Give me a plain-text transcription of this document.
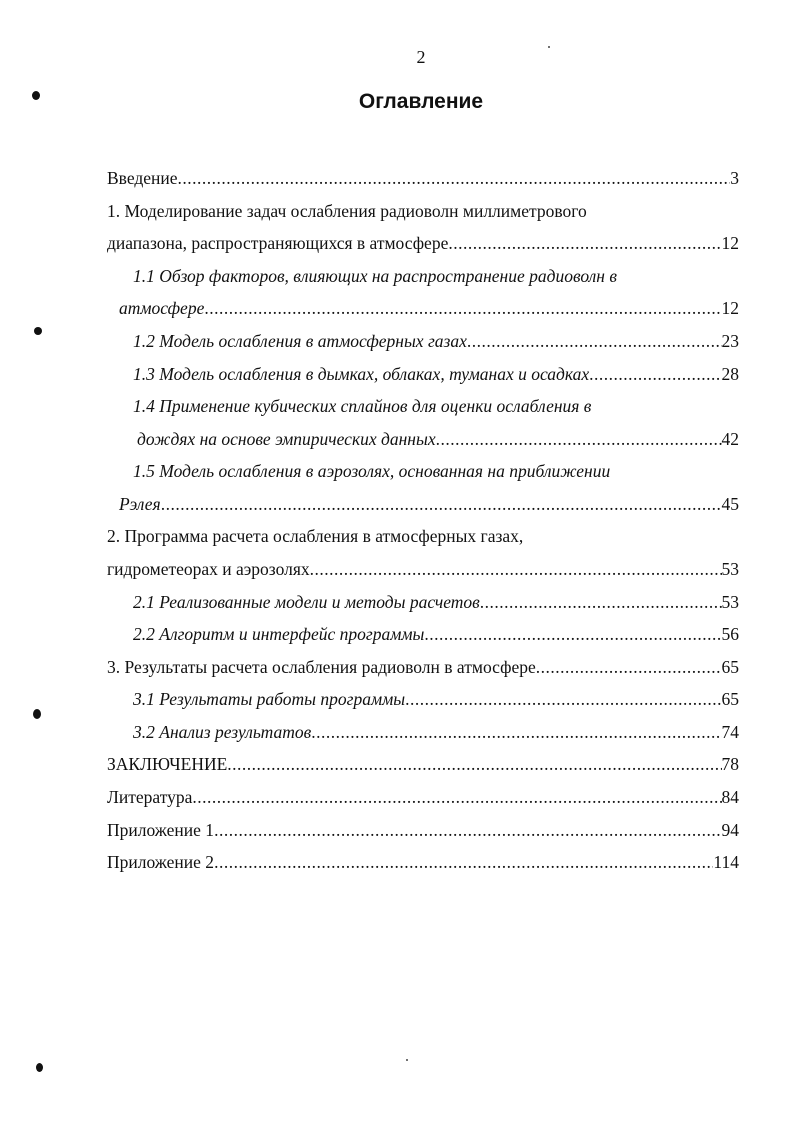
2
Оглавление
Введение .....	3
1. Моделирование задач ослабления радиоволн миллиметрового
диапазона, распространяющихся в атмосфере .....	12
1.1 Обзор факторов, влияющих на распространение радиоволн в
атмосфере .....	12
1.2 Модель ослабления в атмосферных газах .....	23
1.3 Модель ослабления в дымках, облаках, туманах и осадках .....	28
1.4 Применение кубических сплайнов для оценки ослабления в
дождях на основе эмпирических данных .....	42
1.5 Модель ослабления в аэрозолях, основанная на приближении
Рэлея .....	45
2. Программа расчета ослабления в атмосферных газах,
гидрометеорах и аэрозолях .....	53
2.1 Реализованные модели и методы расчетов .....	53
2.2 Алгоритм и интерфейс программы .....	56
3. Результаты расчета ослабления радиоволн в атмосфере .....	65
3.1 Результаты работы программы .....	65
3.2 Анализ результатов .....	74
ЗАКЛЮЧЕНИЕ .....	78
Литература .....	84
Приложение 1 .....	94
Приложение 2 .....	114
